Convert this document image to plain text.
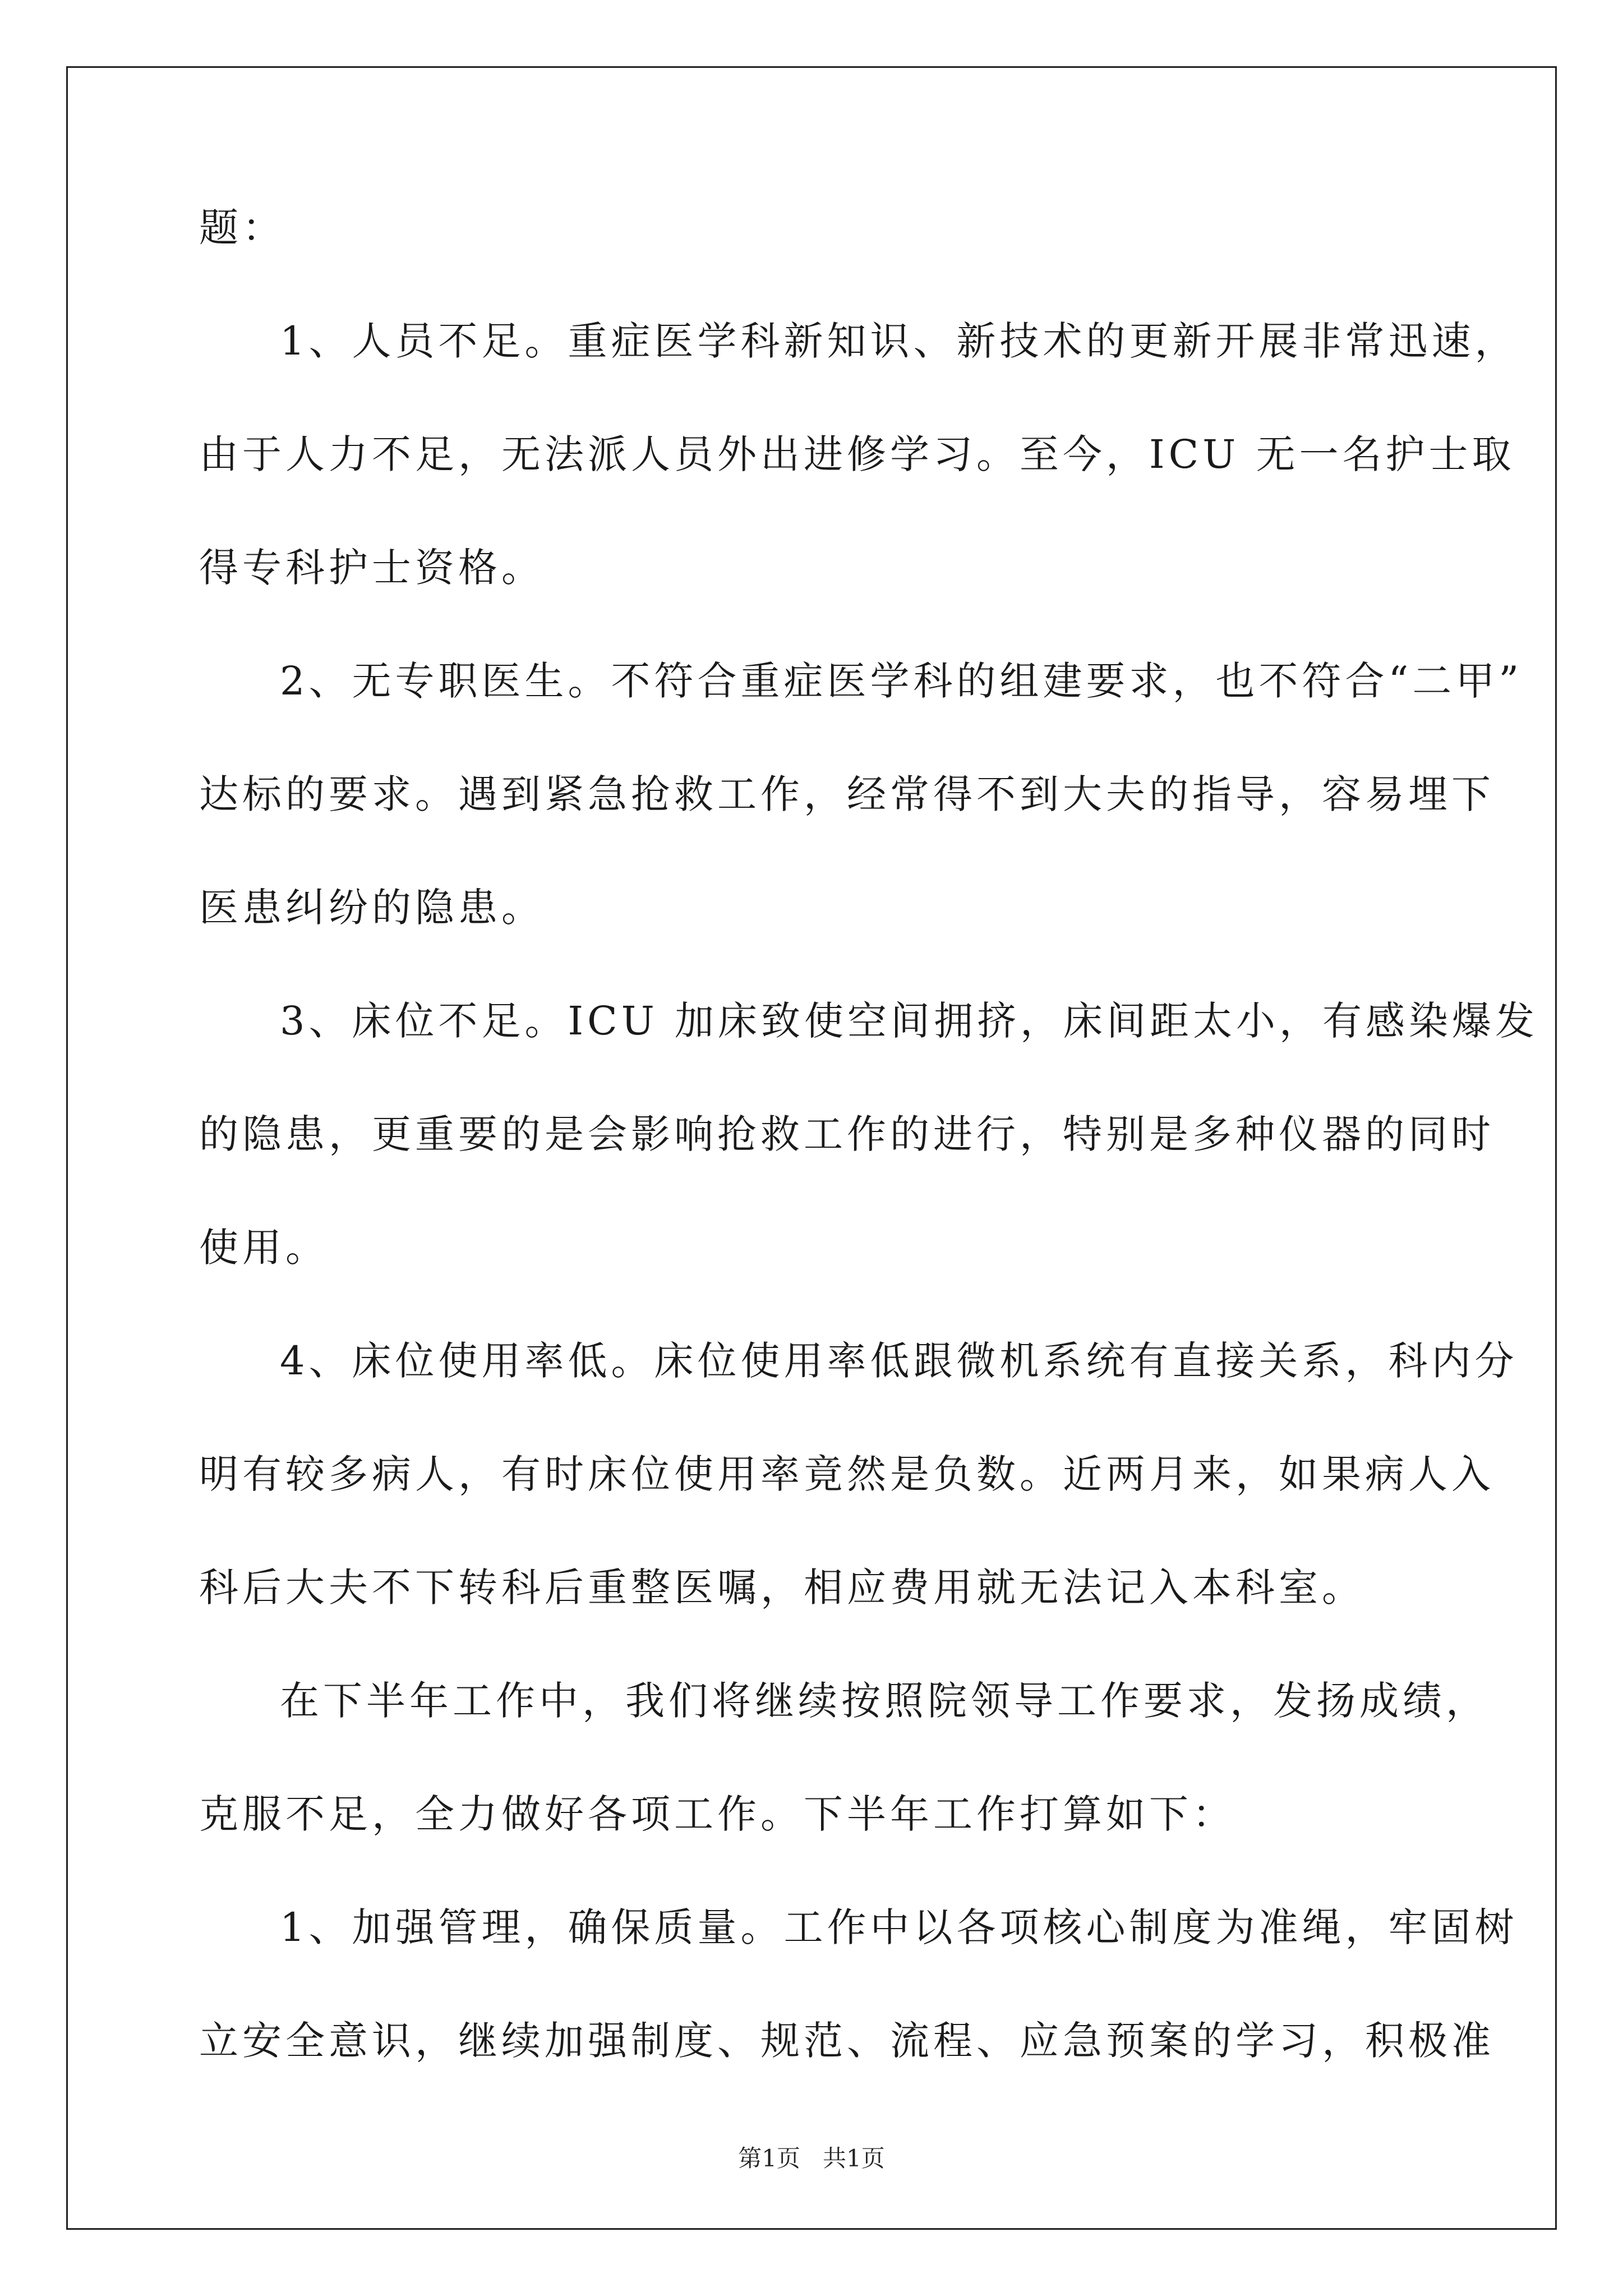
题：
1、人员不足。重症医学科新知识、新技术的更新开展非常迅速，
由于人力不足，无法派人员外出进修学习。至今，ICU 无一名护士取
得专科护士资格。
2、无专职医生。不符合重症医学科的组建要求，也不符合“二甲”
达标的要求。遇到紧急抢救工作，经常得不到大夫的指导，容易埋下
医患纠纷的隐患。
3、床位不足。ICU 加床致使空间拥挤，床间距太小，有感染爆发
的隐患，更重要的是会影响抢救工作的进行，特别是多种仪器的同时
使用。
4、床位使用率低。床位使用率低跟微机系统有直接关系，科内分
明有较多病人，有时床位使用率竟然是负数。近两月来，如果病人入
科后大夫不下转科后重整医嘱，相应费用就无法记入本科室。
在下半年工作中，我们将继续按照院领导工作要求，发扬成绩，
克服不足，全力做好各项工作。下半年工作打算如下：
1、加强管理，确保质量。工作中以各项核心制度为准绳，牢固树
立安全意识，继续加强制度、规范、流程、应急预案的学习，积极准
第1页   共1页
